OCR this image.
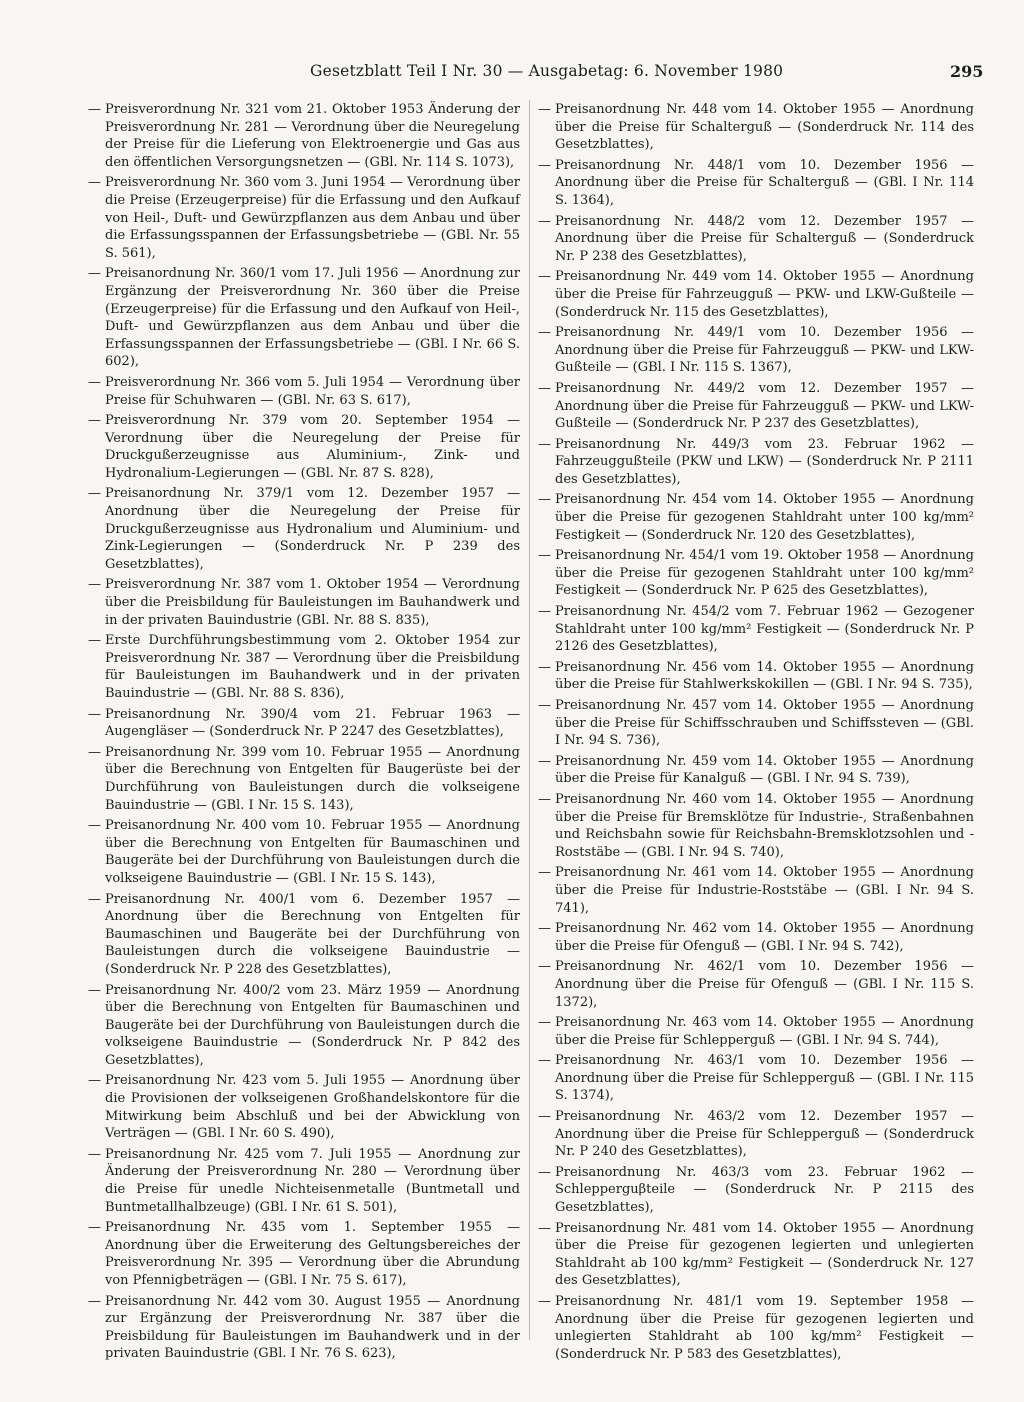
Gesetzblatt Teil I Nr. 30 — Ausgabetag: 6. November 1980	295
— Preisverordnung Nr. 321 vom 21. Oktober 1953 Änderung der Preisverordnung Nr. 281 — Verordnung über die Neuregelung der Preise für die Lieferung von Elektroenergie und Gas aus den öffentlichen Versorgungsnetzen — (GBl. Nr. 114 S. 1073),
— Preisverordnung Nr. 360 vom 3. Juni 1954 — Verordnung über die Preise (Erzeugerpreise) für die Erfassung und den Aufkauf von Heil-, Duft- und Gewürzpflanzen aus dem Anbau und über die Erfassungsspannen der Erfassungsbetriebe — (GBl. Nr. 55 S. 561),
— Preisanordnung Nr. 360/1 vom 17. Juli 1956 — Anordnung zur Ergänzung der Preisverordnung Nr. 360 über die Preise (Erzeugerpreise) für die Erfassung und den Aufkauf von Heil-, Duft- und Gewürzpflanzen aus dem Anbau und über die Erfassungsspannen der Erfassungsbetriebe — (GBl. I Nr. 66 S. 602),
— Preisverordnung Nr. 366 vom 5. Juli 1954 — Verordnung über Preise für Schuhwaren — (GBl. Nr. 63 S. 617),
— Preisverordnung Nr. 379 vom 20. September 1954 — Verordnung über die Neuregelung der Preise für Druckgußerzeugnisse aus Aluminium-, Zink- und Hydronalium-Legierungen — (GBl. Nr. 87 S. 828),
— Preisanordnung Nr. 379/1 vom 12. Dezember 1957 — Anordnung über die Neuregelung der Preise für Druckgußerzeugnisse aus Hydronalium und Aluminium- und Zink-Legierungen — (Sonderdruck Nr. P 239 des Gesetzblattes),
— Preisverordnung Nr. 387 vom 1. Oktober 1954 — Verordnung über die Preisbildung für Bauleistungen im Bauhandwerk und in der privaten Bauindustrie (GBl. Nr. 88 S. 835),
— Erste Durchführungsbestimmung vom 2. Oktober 1954 zur Preisverordnung Nr. 387 — Verordnung über die Preisbildung für Bauleistungen im Bauhandwerk und in der privaten Bauindustrie — (GBl. Nr. 88 S. 836),
— Preisanordnung Nr. 390/4 vom 21. Februar 1963 — Augengläser — (Sonderdruck Nr. P 2247 des Gesetzblattes),
— Preisanordnung Nr. 399 vom 10. Februar 1955 — Anordnung über die Berechnung von Entgelten für Baugerüste bei der Durchführung von Bauleistungen durch die volkseigene Bauindustrie — (GBl. I Nr. 15 S. 143),
— Preisanordnung Nr. 400 vom 10. Februar 1955 — Anordnung über die Berechnung von Entgelten für Baumaschinen und Baugeräte bei der Durchführung von Bauleistungen durch die volkseigene Bauindustrie — (GBl. I Nr. 15 S. 143),
— Preisanordnung Nr. 400/1 vom 6. Dezember 1957 — Anordnung über die Berechnung von Entgelten für Baumaschinen und Baugeräte bei der Durchführung von Bauleistungen durch die volkseigene Bauindustrie — (Sonderdruck Nr. P 228 des Gesetzblattes),
— Preisanordnung Nr. 400/2 vom 23. März 1959 — Anordnung über die Berechnung von Entgelten für Baumaschinen und Baugeräte bei der Durchführung von Bauleistungen durch die volkseigene Bauindustrie — (Sonderdruck Nr. P 842 des Gesetzblattes),
— Preisanordnung Nr. 423 vom 5. Juli 1955 — Anordnung über die Provisionen der volkseigenen Großhandelskontore für die Mitwirkung beim Abschluß und bei der Abwicklung von Verträgen — (GBl. I Nr. 60 S. 490),
— Preisanordnung Nr. 425 vom 7. Juli 1955 — Anordnung zur Änderung der Preisverordnung Nr. 280 — Verordnung über die Preise für unedle Nichteisenmetalle (Buntmetall und Buntmetallhalbzeuge) (GBl. I Nr. 61 S. 501),
— Preisanordnung Nr. 435 vom 1. September 1955 — Anordnung über die Erweiterung des Geltungsbereiches der Preisverordnung Nr. 395 — Verordnung über die Abrundung von Pfennigbeträgen — (GBl. I Nr. 75 S. 617),
— Preisanordnung Nr. 442 vom 30. August 1955 — Anordnung zur Ergänzung der Preisverordnung Nr. 387 über die Preisbildung für Bauleistungen im Bauhandwerk und in der privaten Bauindustrie (GBl. I Nr. 76 S. 623),
— Preisanordnung Nr. 448 vom 14. Oktober 1955 — Anordnung über die Preise für Schalterguß — (Sonderdruck Nr. 114 des Gesetzblattes),
— Preisanordnung Nr. 448/1 vom 10. Dezember 1956 — Anordnung über die Preise für Schalterguß — (GBl. I Nr. 114 S. 1364),
— Preisanordnung Nr. 448/2 vom 12. Dezember 1957 — Anordnung über die Preise für Schalterguß — (Sonderdruck Nr. P 238 des Gesetzblattes),
— Preisanordnung Nr. 449 vom 14. Oktober 1955 — Anordnung über die Preise für Fahrzeugguß — PKW- und LKW-Gußteile — (Sonderdruck Nr. 115 des Gesetzblattes),
— Preisanordnung Nr. 449/1 vom 10. Dezember 1956 — Anordnung über die Preise für Fahrzeugguß — PKW- und LKW-Gußteile — (GBl. I Nr. 115 S. 1367),
— Preisanordnung Nr. 449/2 vom 12. Dezember 1957 — Anordnung über die Preise für Fahrzeugguß — PKW- und LKW-Gußteile — (Sonderdruck Nr. P 237 des Gesetzblattes),
— Preisanordnung Nr. 449/3 vom 23. Februar 1962 — Fahrzeuggußteile (PKW und LKW) — (Sonderdruck Nr. P 2111 des Gesetzblattes),
— Preisanordnung Nr. 454 vom 14. Oktober 1955 — Anordnung über die Preise für gezogenen Stahldraht unter 100 kg/mm² Festigkeit — (Sonderdruck Nr. 120 des Gesetzblattes),
— Preisanordnung Nr. 454/1 vom 19. Oktober 1958 — Anordnung über die Preise für gezogenen Stahldraht unter 100 kg/mm² Festigkeit — (Sonderdruck Nr. P 625 des Gesetzblattes),
— Preisanordnung Nr. 454/2 vom 7. Februar 1962 — Gezogener Stahldraht unter 100 kg/mm² Festigkeit — (Sonderdruck Nr. P 2126 des Gesetzblattes),
— Preisanordnung Nr. 456 vom 14. Oktober 1955 — Anordnung über die Preise für Stahlwerkskokillen — (GBl. I Nr. 94 S. 735),
— Preisanordnung Nr. 457 vom 14. Oktober 1955 — Anordnung über die Preise für Schiffsschrauben und Schiffssteven — (GBl. I Nr. 94 S. 736),
— Preisanordnung Nr. 459 vom 14. Oktober 1955 — Anordnung über die Preise für Kanalguß — (GBl. I Nr. 94 S. 739),
— Preisanordnung Nr. 460 vom 14. Oktober 1955 — Anordnung über die Preise für Bremsklötze für Industrie-, Straßenbahnen und Reichsbahn sowie für Reichsbahn-Bremsklotzsohlen und -Roststäbe — (GBl. I Nr. 94 S. 740),
— Preisanordnung Nr. 461 vom 14. Oktober 1955 — Anordnung über die Preise für Industrie-Roststäbe — (GBl. I Nr. 94 S. 741),
— Preisanordnung Nr. 462 vom 14. Oktober 1955 — Anordnung über die Preise für Ofenguß — (GBl. I Nr. 94 S. 742),
— Preisanordnung Nr. 462/1 vom 10. Dezember 1956 — Anordnung über die Preise für Ofenguß — (GBl. I Nr. 115 S. 1372),
— Preisanordnung Nr. 463 vom 14. Oktober 1955 — Anordnung über die Preise für Schlepperguß — (GBl. I Nr. 94 S. 744),
— Preisanordnung Nr. 463/1 vom 10. Dezember 1956 — Anordnung über die Preise für Schlepperguß — (GBl. I Nr. 115 S. 1374),
— Preisanordnung Nr. 463/2 vom 12. Dezember 1957 — Anordnung über die Preise für Schlepperguß — (Sonderdruck Nr. P 240 des Gesetzblattes),
— Preisanordnung Nr. 463/3 vom 23. Februar 1962 — Schlepperguβteile — (Sonderdruck Nr. P 2115 des Gesetzblattes),
— Preisanordnung Nr. 481 vom 14. Oktober 1955 — Anordnung über die Preise für gezogenen legierten und unlegierten Stahldraht ab 100 kg/mm² Festigkeit — (Sonderdruck Nr. 127 des Gesetzblattes),
— Preisanordnung Nr. 481/1 vom 19. September 1958 — Anordnung über die Preise für gezogenen legierten und unlegierten Stahldraht ab 100 kg/mm² Festigkeit — (Sonderdruck Nr. P 583 des Gesetzblattes),
